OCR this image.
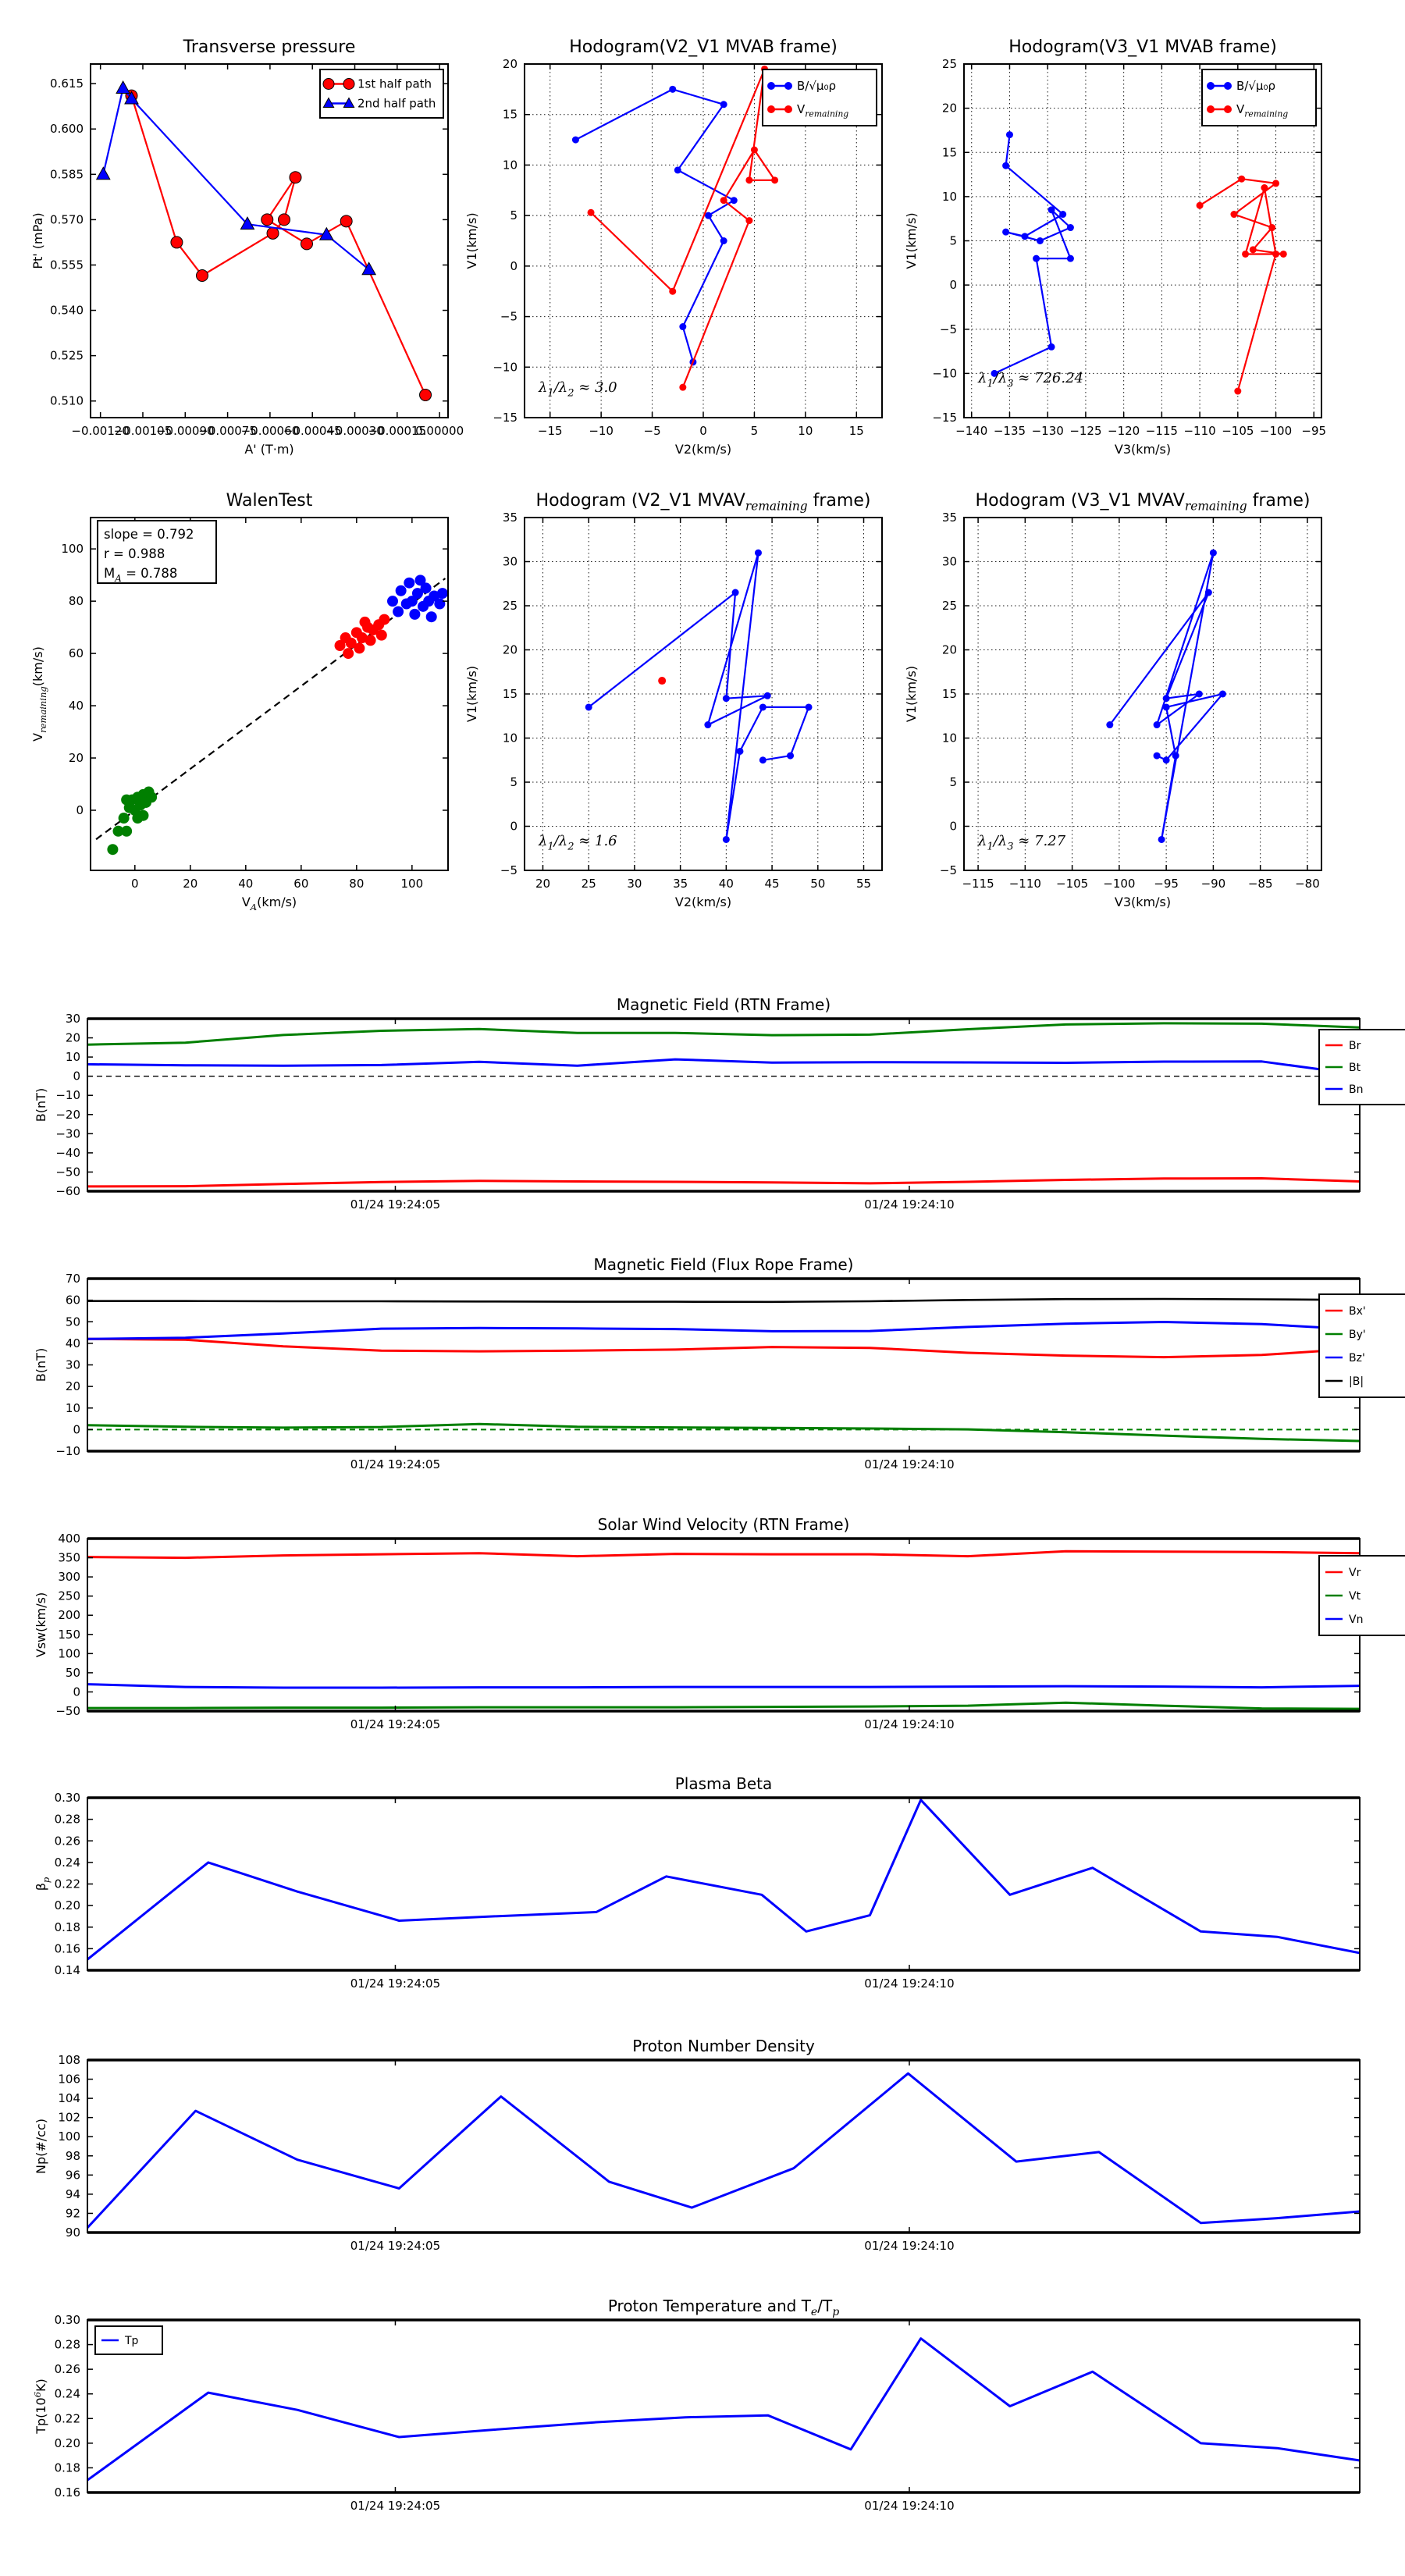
Transverse pressure
−0.00120
−0.00105
−0.00090
−0.00075
−0.00060
−0.00045
−0.00030
−0.00015
0.00000
0.510
0.525
0.540
0.555
0.570
0.585
0.600
0.615
A' (T·m)
Pt' (mPa)
1st half path
2nd half path
Hodogram(V2_V1 MVAB frame)
−15 −10	−5	0	5	10	15
−15
−10
−5
0
5
10
15
20
V2(km/s)
V1(km/s)
B/√μ₀ρ
$V_{remaining}$
$\lambda_1/\lambda_2 \approx 3.0$
Hodogram(V3_V1 MVAB frame)
−140 −135 −130 −125 −120 −115 −110 −105 −100 −95
−15
−10
−5
0
5
10
15
20
25
V3(km/s)
V1(km/s)
B/√μ₀ρ
$V_{remaining}$
$\lambda_1/\lambda_3 \approx 726.24$
WalenTest
0	20	40	60	80	100
0
20
40
60
80
100
$V_A(km/s)$
$V_{remaining}(km/s)$
slope = 0.792
r = 0.988
$M_A = 0.788$
Hodogram (V2_V1 $MVAV_{remaining}$ frame)
20	25	30	35	40	45	50	55
−5
0
5
10
15
20
25
30
35
V2(km/s)
V1(km/s)
$\lambda_1/\lambda_2 \approx 1.6$
Hodogram (V3_V1 $MVAV_{remaining}$ frame)
−115 −110 −105 −100 −95 −90 −85 −80
−5
0
5
10
15
20
25
30
35
V3(km/s)
V1(km/s)
$\lambda_1/\lambda_3 \approx 7.27$
Magnetic Field (RTN Frame)
01/24 19:24:05	01/24 19:24:10
−60
−50
−40
−30
−20
−10
0
10
20
30
B(nT)
Br
Bt
Bn
Magnetic Field (Flux Rope Frame)
01/24 19:24:05	01/24 19:24:10
−10
0
10
20
30
40
50
60
70
B(nT)
Bx'
By'
Bz'
|B|
Solar Wind Velocity (RTN Frame)
01/24 19:24:05	01/24 19:24:10
−50
0
50
100
150
200
250
300
350
400
Vsw(km/s)
Vr
Vt
Vn
Plasma Beta
01/24 19:24:05	01/24 19:24:10
0.14
0.16
0.18
0.20
0.22
0.24
0.26
0.28
0.30
$\beta_p$
Proton Number Density
01/24 19:24:05	01/24 19:24:10
90
92
94
96
98
100
102
104
106
108
Np(#/cc)
Proton Temperature and $T_e/T_p$
01/24 19:24:05	01/24 19:24:10
0.16
0.18
0.20
0.22
0.24
0.26
0.28
0.30
$Tp(10^6K)$
Tp
